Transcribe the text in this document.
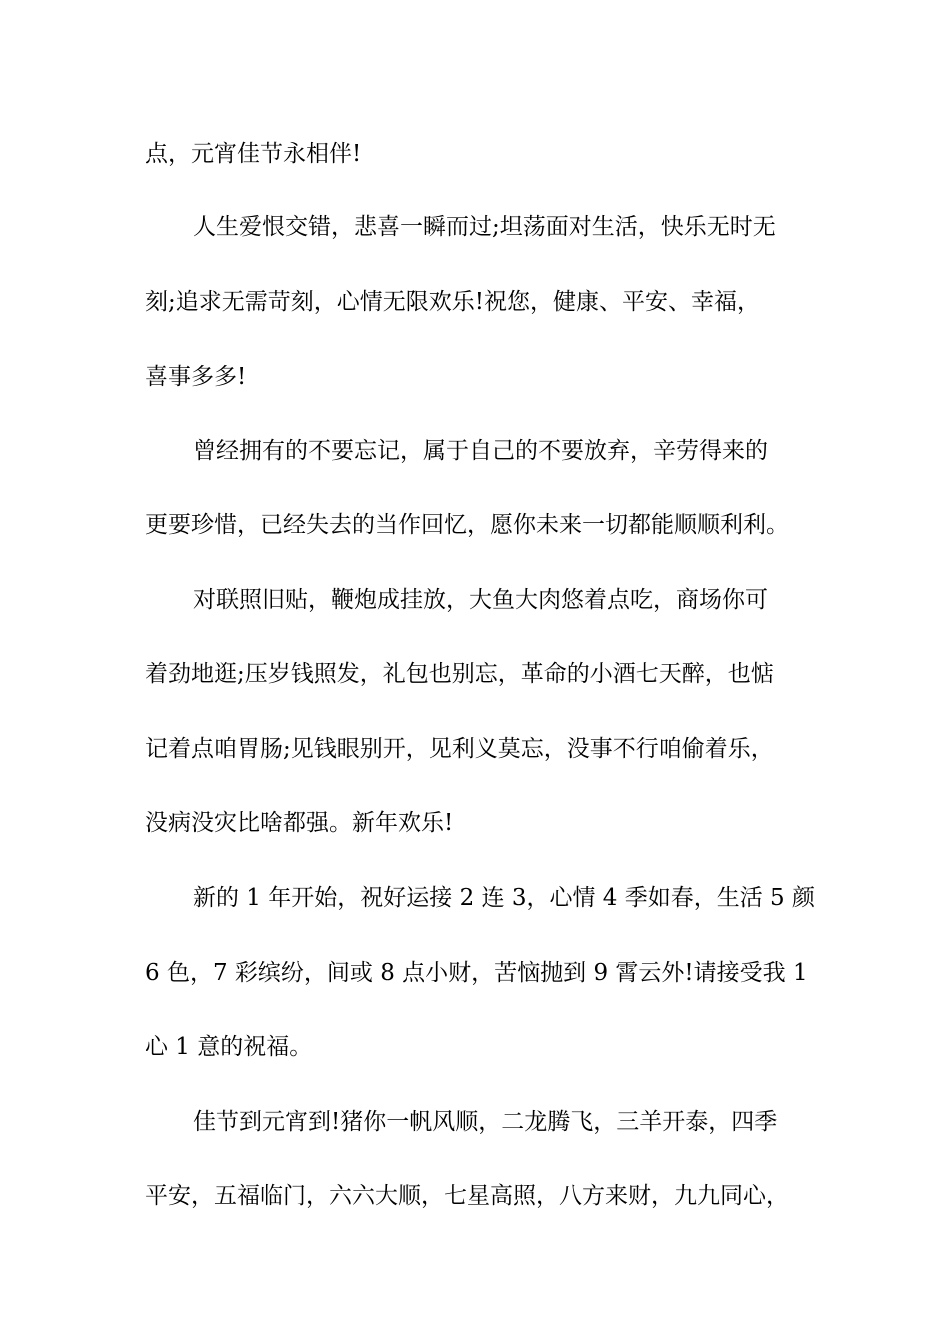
点，元宵佳节永相伴!

人生爱恨交错，悲喜一瞬而过;坦荡面对生活，快乐无时无

刻;追求无需苛刻，心情无限欢乐!祝您，健康、平安、幸福，

喜事多多!

曾经拥有的不要忘记，属于自己的不要放弃，辛劳得来的

更要珍惜，已经失去的当作回忆，愿你未来一切都能顺顺利利。

对联照旧贴，鞭炮成挂放，大鱼大肉悠着点吃，商场你可

着劲地逛;压岁钱照发，礼包也别忘，革命的小酒七天醉，也惦

记着点咱胃肠;见钱眼别开，见利义莫忘，没事不行咱偷着乐，

没病没灾比啥都强。新年欢乐!

新的 1 年开始，祝好运接 2 连 3，心情 4 季如春，生活 5 颜

6 色，7 彩缤纷，间或 8 点小财，苦恼抛到 9 霄云外!请接受我 1

心 1 意的祝福。

佳节到元宵到!猪你一帆风顺，二龙腾飞，三羊开泰，四季

平安，五福临门，六六大顺，七星高照，八方来财，九九同心，
